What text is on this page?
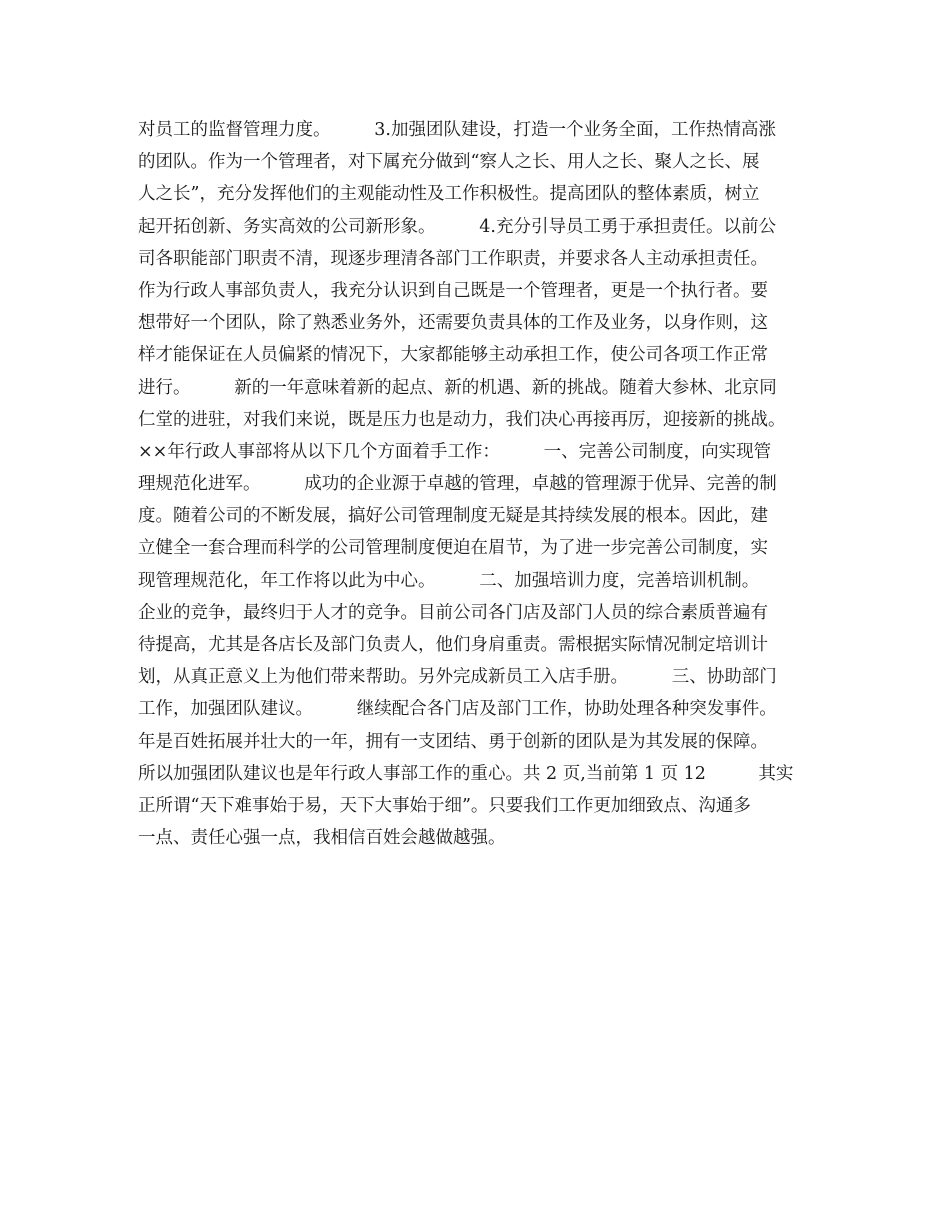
对员工的监督管理力度。　　　3.加强团队建设，打造一个业务全面，工作热情高涨
的团队。作为一个管理者，对下属充分做到“察人之长、用人之长、聚人之长、展
人之长”，充分发挥他们的主观能动性及工作积极性。提高团队的整体素质，树立
起开拓创新、务实高效的公司新形象。　　　4.充分引导员工勇于承担责任。以前公
司各职能部门职责不清，现逐步理清各部门工作职责，并要求各人主动承担责任。
作为行政人事部负责人，我充分认识到自己既是一个管理者，更是一个执行者。要
想带好一个团队，除了熟悉业务外，还需要负责具体的工作及业务，以身作则，这
样才能保证在人员偏紧的情况下，大家都能够主动承担工作，使公司各项工作正常
进行。　　　新的一年意味着新的起点、新的机遇、新的挑战。随着大参林、北京同
仁堂的进驻，对我们来说，既是压力也是动力，我们决心再接再厉，迎接新的挑战。
××年行政人事部将从以下几个方面着手工作：　　　一、完善公司制度，向实现管
理规范化进军。　　　成功的企业源于卓越的管理，卓越的管理源于优异、完善的制
度。随着公司的不断发展，搞好公司管理制度无疑是其持续发展的根本。因此，建
立健全一套合理而科学的公司管理制度便迫在眉节，为了进一步完善公司制度，实
现管理规范化，年工作将以此为中心。　　　二、加强培训力度，完善培训机制。
企业的竞争，最终归于人才的竞争。目前公司各门店及部门人员的综合素质普遍有
待提高，尤其是各店长及部门负责人，他们身肩重责。需根据实际情况制定培训计
划，从真正意义上为他们带来帮助。另外完成新员工入店手册。　　　三、协助部门
工作，加强团队建议。　　　继续配合各门店及部门工作，协助处理各种突发事件。
年是百姓拓展并壮大的一年，拥有一支团结、勇于创新的团队是为其发展的保障。
所以加强团队建议也是年行政人事部工作的重心。共 2 页,当前第 1 页 12　　　其实
正所谓“天下难事始于易，天下大事始于细”。只要我们工作更加细致点、沟通多
一点、责任心强一点，我相信百姓会越做越强。
